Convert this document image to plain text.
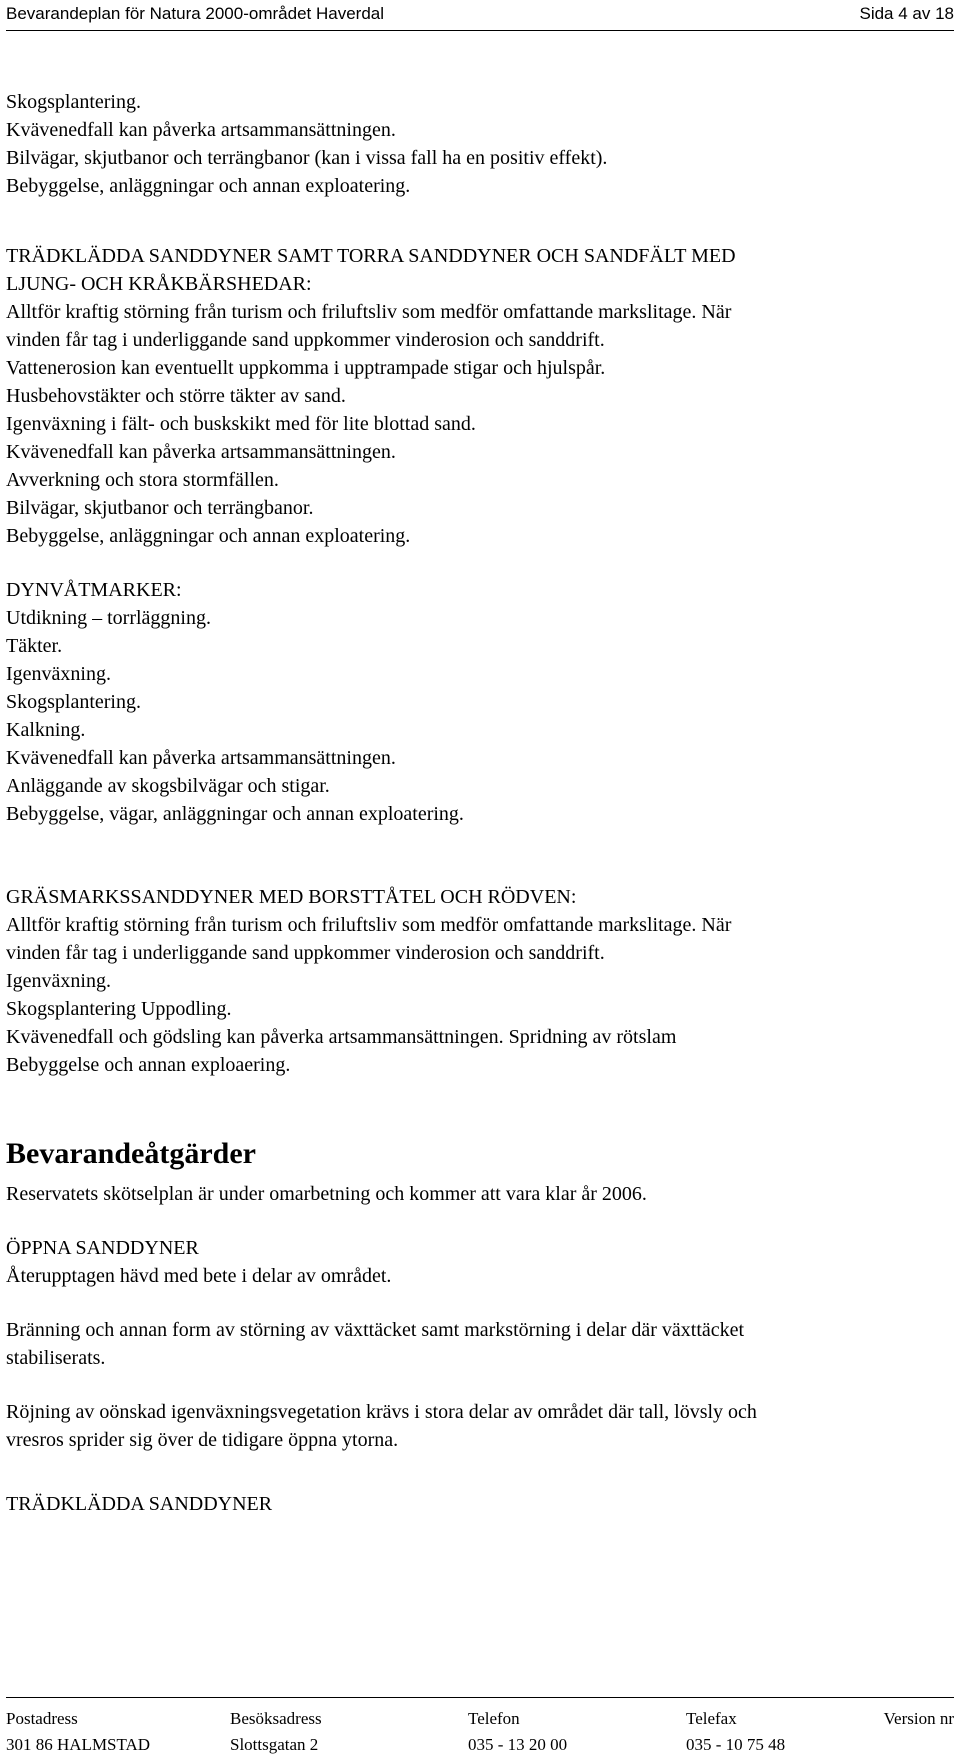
Bevarandeplan för Natura 2000-området Haverdal	Sida 4 av 18
Skogsplantering.
Kvävenedfall kan påverka artsammansättningen.
Bilvägar, skjutbanor och terrängbanor (kan i vissa fall ha en positiv effekt).
Bebyggelse, anläggningar och annan exploatering.
TRÄDKLÄDDA SANDDYNER SAMT TORRA SANDDYNER OCH SANDFÄLT MED
LJUNG- OCH KRÅKBÄRSHEDAR:
Alltför kraftig störning från turism och friluftsliv som medför omfattande markslitage. När
vinden får tag i underliggande sand uppkommer vinderosion och sanddrift.
Vattenerosion kan eventuellt uppkomma i upptrampade stigar och hjulspår.
Husbehovstäkter och större täkter av sand.
Igenväxning i fält- och buskskikt med för lite blottad sand.
Kvävenedfall kan påverka artsammansättningen.
Avverkning och stora stormfällen.
Bilvägar, skjutbanor och terrängbanor.
Bebyggelse, anläggningar och annan exploatering.
DYNVÅTMARKER:
Utdikning – torrläggning.
Täkter.
Igenväxning.
Skogsplantering.
Kalkning.
Kvävenedfall kan påverka artsammansättningen.
Anläggande av skogsbilvägar och stigar.
Bebyggelse, vägar, anläggningar och annan exploatering.
GRÄSMARKSSANDDYNER MED BORSTTÅTEL OCH RÖDVEN:
Alltför kraftig störning från turism och friluftsliv som medför omfattande markslitage. När
vinden får tag i underliggande sand uppkommer vinderosion och sanddrift.
Igenväxning.
Skogsplantering Uppodling.
Kvävenedfall och gödsling kan påverka artsammansättningen. Spridning av rötslam
Bebyggelse och annan exploaering.
Bevarandeåtgärder
Reservatets skötselplan är under omarbetning och kommer att vara klar år 2006.
ÖPPNA SANDDYNER
Återupptagen hävd med bete i delar av området.
Bränning och annan form av störning av växttäcket samt markstörning i delar där växttäcket
stabiliserats.
Röjning av oönskad igenväxningsvegetation krävs i stora delar av området där tall, lövsly och
vresros sprider sig över de tidigare öppna ytorna.
TRÄDKLÄDDA SANDDYNER
Postadress
301 86 HALMSTAD
Besöksadress
Slottsgatan 2
Telefon
035 - 13 20 00
Telefax
035 - 10 75 48
Version nr
